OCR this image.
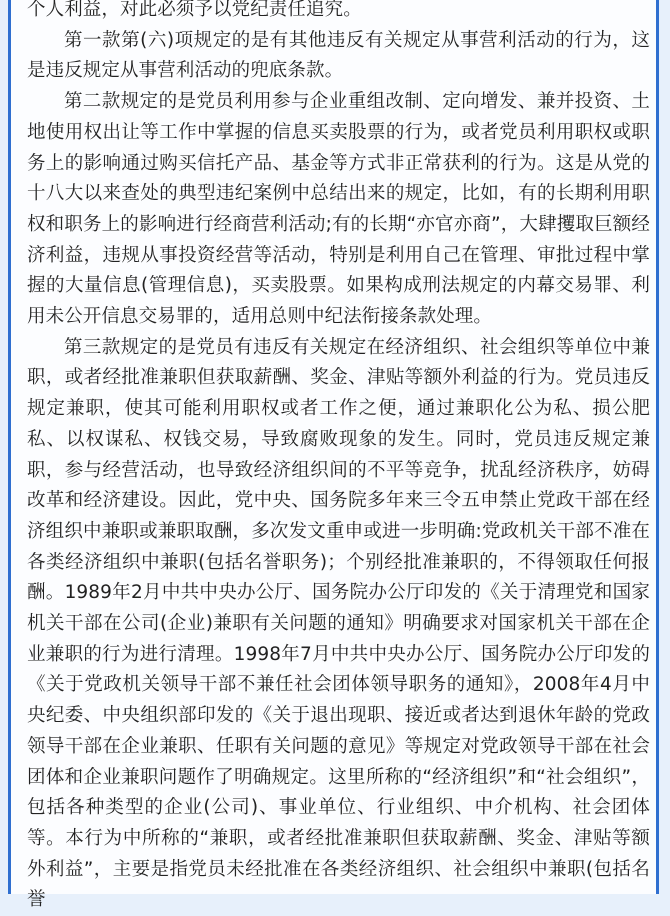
个人利益，对此必须予以党纪责任追究。

第一款第(六)项规定的是有其他违反有关规定从事营利活动的行为，这是违反规定从事营利活动的兜底条款。

第二款规定的是党员利用参与企业重组改制、定向增发、兼并投资、土地使用权出让等工作中掌握的信息买卖股票的行为，或者党员利用职权或职务上的影响通过购买信托产品、基金等方式非正常获利的行为。这是从党的十八大以来查处的典型违纪案例中总结出来的规定，比如，有的长期利用职权和职务上的影响进行经商营利活动;有的长期“亦官亦商”，大肆攫取巨额经济利益，违规从事投资经营等活动，特别是利用自己在管理、审批过程中掌握的大量信息(管理信息)，买卖股票。如果构成刑法规定的内幕交易罪、利用未公开信息交易罪的，适用总则中纪法衔接条款处理。

第三款规定的是党员有违反有关规定在经济组织、社会组织等单位中兼职，或者经批准兼职但获取薪酬、奖金、津贴等额外利益的行为。党员违反规定兼职，使其可能利用职权或者工作之便，通过兼职化公为私、损公肥私、以权谋私、权钱交易，导致腐败现象的发生。同时，党员违反规定兼职，参与经营活动，也导致经济组织间的不平等竞争，扰乱经济秩序，妨碍改革和经济建设。因此，党中央、国务院多年来三令五申禁止党政干部在经济组织中兼职或兼职取酬，多次发文重申或进一步明确:党政机关干部不准在各类经济组织中兼职(包括名誉职务)；个别经批准兼职的，不得领取任何报酬。1989年2月中共中央办公厅、国务院办公厅印发的《关于清理党和国家机关干部在公司(企业)兼职有关问题的通知》明确要求对国家机关干部在企业兼职的行为进行清理。1998年7月中共中央办公厅、国务院办公厅印发的《关于党政机关领导干部不兼任社会团体领导职务的通知》，2008年4月中央纪委、中央组织部印发的《关于退出现职、接近或者达到退休年龄的党政领导干部在企业兼职、任职有关问题的意见》等规定对党政领导干部在社会团体和企业兼职问题作了明确规定。这里所称的“经济组织”和“社会组织”，包括各种类型的企业(公司)、事业单位、行业组织、中介机构、社会团体等。本行为中所称的“兼职，或者经批准兼职但获取薪酬、奖金、津贴等额外利益”，主要是指党员未经批准在各类经济组织、社会组织中兼职(包括名誉
